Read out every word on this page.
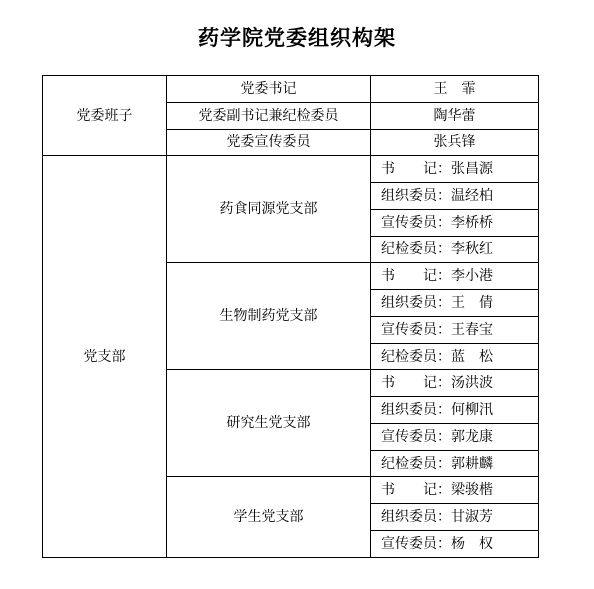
药学院党委组织构架
党委班子	党委书记	王　霏
	党委副书记兼纪检委员	陶华蕾
	党委宣传委员	张兵锋
党支部	药食同源党支部	书　　记：张昌源
		组织委员：温经柏
		宣传委员：李桥桥
		纪检委员：李秋红
	生物制药党支部	书　　记：李小港
		组织委员：王　倩
		宣传委员：王春宝
		纪检委员：蓝　松
	研究生党支部	书　　记：汤洪波
		组织委员：何柳汛
		宣传委员：郭龙康
		纪检委员：郭耕麟
	学生党支部	书　　记：梁骏楷
		组织委员：甘淑芳
		宣传委员：杨　权
